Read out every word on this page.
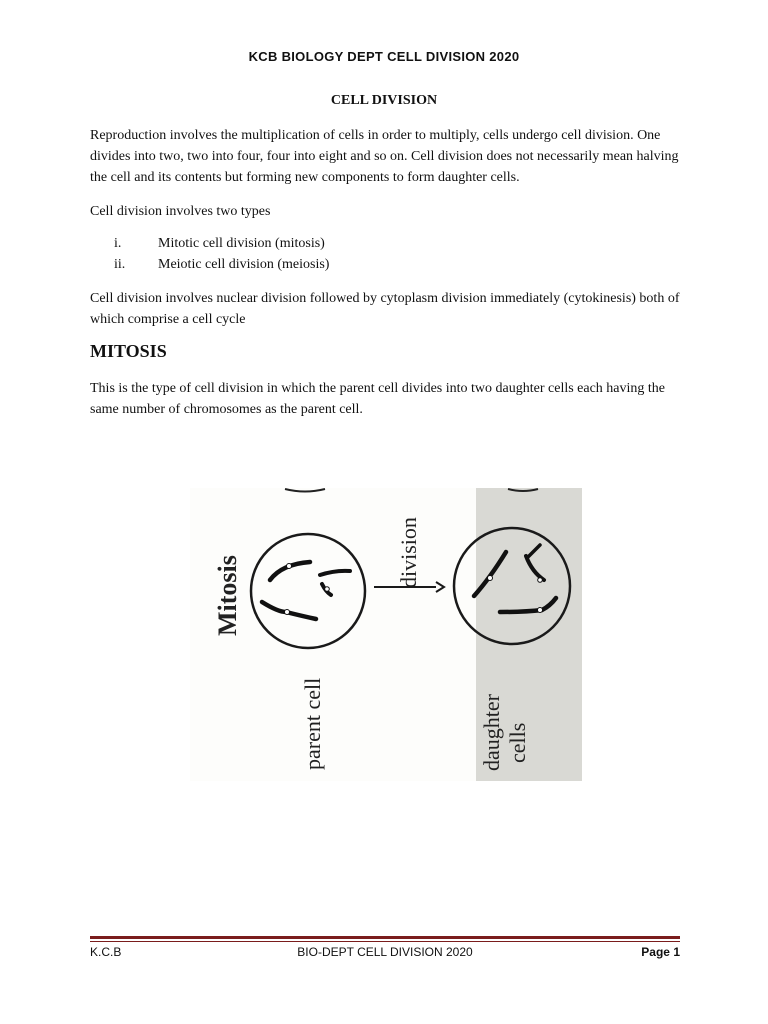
KCB BIOLOGY DEPT CELL DIVISION 2020
CELL DIVISION

Reproduction involves the multiplication of cells in order to multiply, cells undergo cell division. One divides into two, two into four, four into eight and so on. Cell division does not necessarily mean halving the cell and its contents but forming new components to form daughter cells.

Cell division involves two types

i.	Mitotic cell division (mitosis)
ii.	Meiotic cell division (meiosis)

Cell division involves nuclear division followed by cytoplasm division immediately (cytokinesis) both of which comprise a cell cycle

MITOSIS

This is the type of cell division in which the parent cell divides into two daughter cells each having the same number of chromosomes as the parent cell.

Mitosis
parent cell
division
daughter cells
K.C.B	BIO-DEPT CELL DIVISION 2020	Page 1
